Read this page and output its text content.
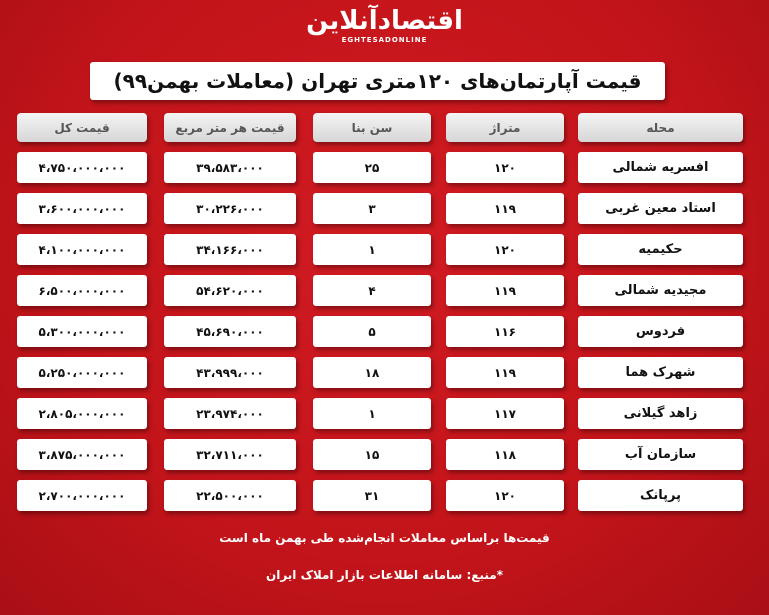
اقتصادآنلاین
EGHTESADONLINE
قیمت آپارتمان‌های ۱۲۰متری تهران (معاملات بهمن۹۹)
قیمت کل	قیمت هر متر مربع	سن بنا	متراژ	محله
۴،۷۵۰،۰۰۰،۰۰۰	۳۹،۵۸۳،۰۰۰	۲۵	۱۲۰	افسریه شمالی
۳،۶۰۰،۰۰۰،۰۰۰	۳۰،۲۲۶،۰۰۰	۳	۱۱۹	استاد معین غربی
۴،۱۰۰،۰۰۰،۰۰۰	۳۴،۱۶۶،۰۰۰	۱	۱۲۰	حکیمیه
۶،۵۰۰،۰۰۰،۰۰۰	۵۴،۶۲۰،۰۰۰	۴	۱۱۹	مجیدیه شمالی
۵،۳۰۰،۰۰۰،۰۰۰	۴۵،۶۹۰،۰۰۰	۵	۱۱۶	فردوس
۵،۲۵۰،۰۰۰،۰۰۰	۴۳،۹۹۹،۰۰۰	۱۸	۱۱۹	شهرک هما
۲،۸۰۵،۰۰۰،۰۰۰	۲۳،۹۷۴،۰۰۰	۱	۱۱۷	زاهد گیلانی
۳،۸۷۵،۰۰۰،۰۰۰	۳۲،۷۱۱،۰۰۰	۱۵	۱۱۸	سازمان آب
۲،۷۰۰،۰۰۰،۰۰۰	۲۲،۵۰۰،۰۰۰	۳۱	۱۲۰	پرپانک
قیمت‌ها براساس معاملات انجام‌شده طی بهمن ماه است
*منبع: سامانه اطلاعات بازار املاک ایران
